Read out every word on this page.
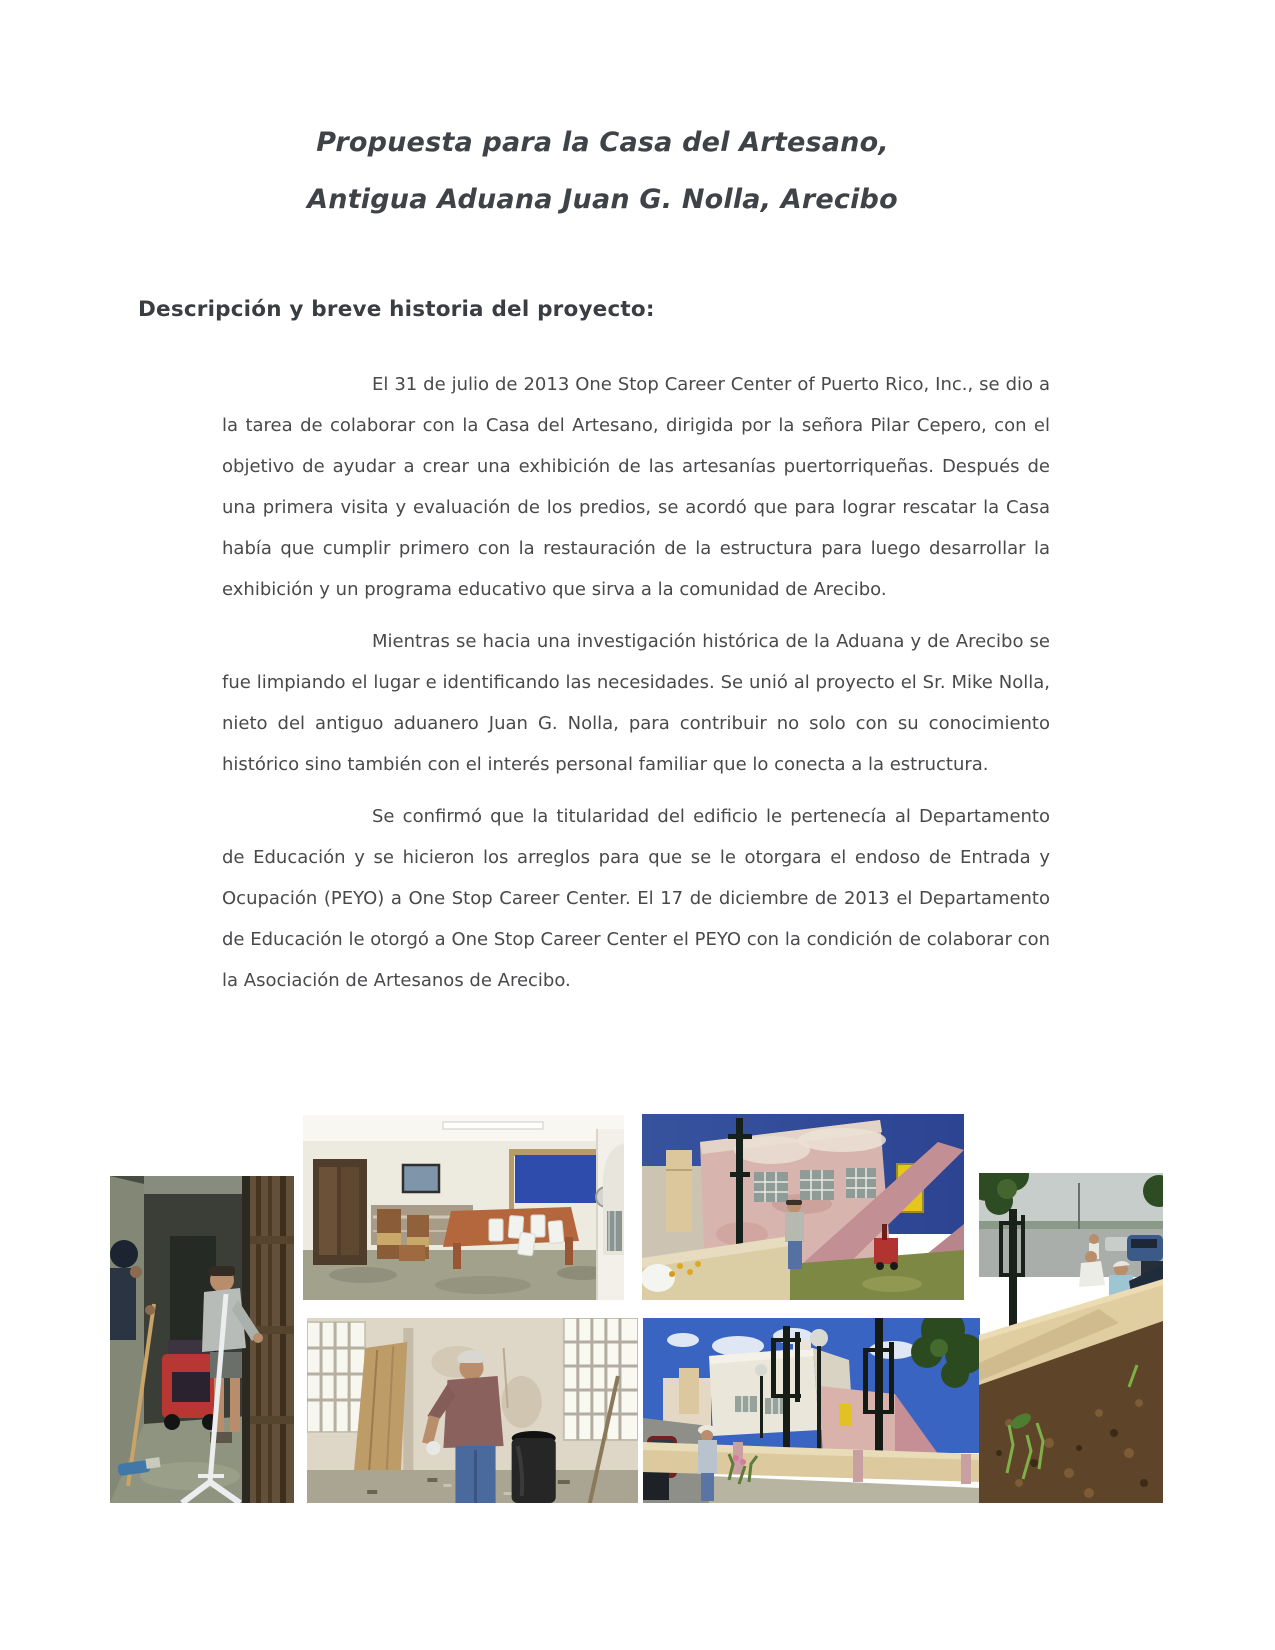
Propuesta para la Casa del Artesano,
Antigua Aduana Juan G. Nolla, Arecibo
Descripción y breve historia del proyecto:

El 31 de julio de 2013 One Stop Career Center of Puerto Rico, Inc., se dio a la tarea de colaborar con la Casa del Artesano, dirigida por la señora Pilar Cepero, con el objetivo de ayudar a crear una exhibición de las artesanías puertorriqueñas. Después de una primera visita y evaluación de los predios, se acordó que para lograr rescatar la Casa había que cumplir primero con la restauración de la estructura para luego desarrollar la exhibición y un programa educativo que sirva a la comunidad de Arecibo.

Mientras se hacia una investigación histórica de la Aduana y de Arecibo se fue limpiando el lugar e identificando las necesidades. Se unió al proyecto el Sr. Mike Nolla, nieto del antiguo aduanero Juan G. Nolla, para contribuir no solo con su conocimiento histórico sino también con el interés personal familiar que lo conecta a la estructura.

Se confirmó que la titularidad del edificio le pertenecía al Departamento de Educación y se hicieron los arreglos para que se le otorgara el endoso de Entrada y Ocupación (PEYO) a One Stop Career Center. El 17 de diciembre de 2013 el Departamento de Educación le otorgó a One Stop Career Center el PEYO con la condición de colaborar con la Asociación de Artesanos de Arecibo.
